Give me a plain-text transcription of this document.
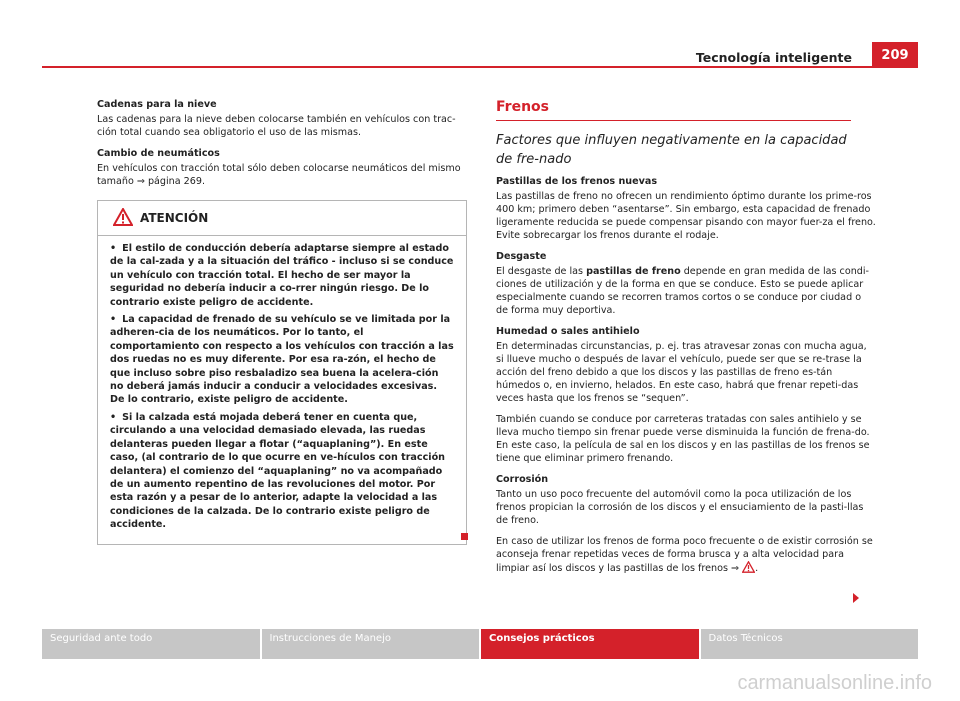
Tecnología inteligente	209

Cadenas para la nieve

Las cadenas para la nieve deben colocarse también en vehículos con trac-ción total cuando sea obligatorio el uso de las mismas.

Cambio de neumáticos

En vehículos con tracción total sólo deben colocarse neumáticos del mismo tamaño ⇒ página 269.

ATENCIÓN

• El estilo de conducción debería adaptarse siempre al estado de la cal-zada y a la situación del tráfico - incluso si se conduce un vehículo con tracción total. El hecho de ser mayor la seguridad no debería inducir a co-rrer ningún riesgo. De lo contrario existe peligro de accidente.

• La capacidad de frenado de su vehículo se ve limitada por la adheren-cia de los neumáticos. Por lo tanto, el comportamiento con respecto a los vehículos con tracción a las dos ruedas no es muy diferente. Por esa ra-zón, el hecho de que incluso sobre piso resbaladizo sea buena la acelera-ción no deberá jamás inducir a conducir a velocidades excesivas. De lo contrario, existe peligro de accidente.

• Si la calzada está mojada deberá tener en cuenta que, circulando a una velocidad demasiado elevada, las ruedas delanteras pueden llegar a flotar (“aquaplaning”). En este caso, (al contrario de lo que ocurre en ve-hículos con tracción delantera) el comienzo del “aquaplaning” no va acompañado de un aumento repentino de las revoluciones del motor. Por esta razón y a pesar de lo anterior, adapte la velocidad a las condiciones de la calzada. De lo contrario existe peligro de accidente.

Frenos

Factores que influyen negativamente en la capacidad de fre-nado

Pastillas de los frenos nuevas

Las pastillas de freno no ofrecen un rendimiento óptimo durante los prime-ros 400 km; primero deben “asentarse”. Sin embargo, esta capacidad de frenado ligeramente reducida se puede compensar pisando con mayor fuer-za el freno. Evite sobrecargar los frenos durante el rodaje.

Desgaste

El desgaste de las pastillas de freno depende en gran medida de las condi-ciones de utilización y de la forma en que se conduce. Esto se puede aplicar especialmente cuando se recorren tramos cortos o se conduce por ciudad o de forma muy deportiva.

Humedad o sales antihielo

En determinadas circunstancias, p. ej. tras atravesar zonas con mucha agua, si llueve mucho o después de lavar el vehículo, puede ser que se re-trase la acción del freno debido a que los discos y las pastillas de freno es-tán húmedos o, en invierno, helados. En este caso, habrá que frenar repeti-das veces hasta que los frenos se “sequen”.

También cuando se conduce por carreteras tratadas con sales antihielo y se lleva mucho tiempo sin frenar puede verse disminuida la función de frena-do. En este caso, la película de sal en los discos y en las pastillas de los frenos se tiene que eliminar primero frenando.

Corrosión

Tanto un uso poco frecuente del automóvil como la poca utilización de los frenos propician la corrosión de los discos y el ensuciamiento de la pasti-llas de freno.

En caso de utilizar los frenos de forma poco frecuente o de existir corrosión se aconseja frenar repetidas veces de forma brusca y a alta velocidad para limpiar así los discos y las pastillas de los frenos ⇒ .

Seguridad ante todo	Instrucciones de Manejo	Consejos prácticos	Datos Técnicos
carmanualsonline.info
